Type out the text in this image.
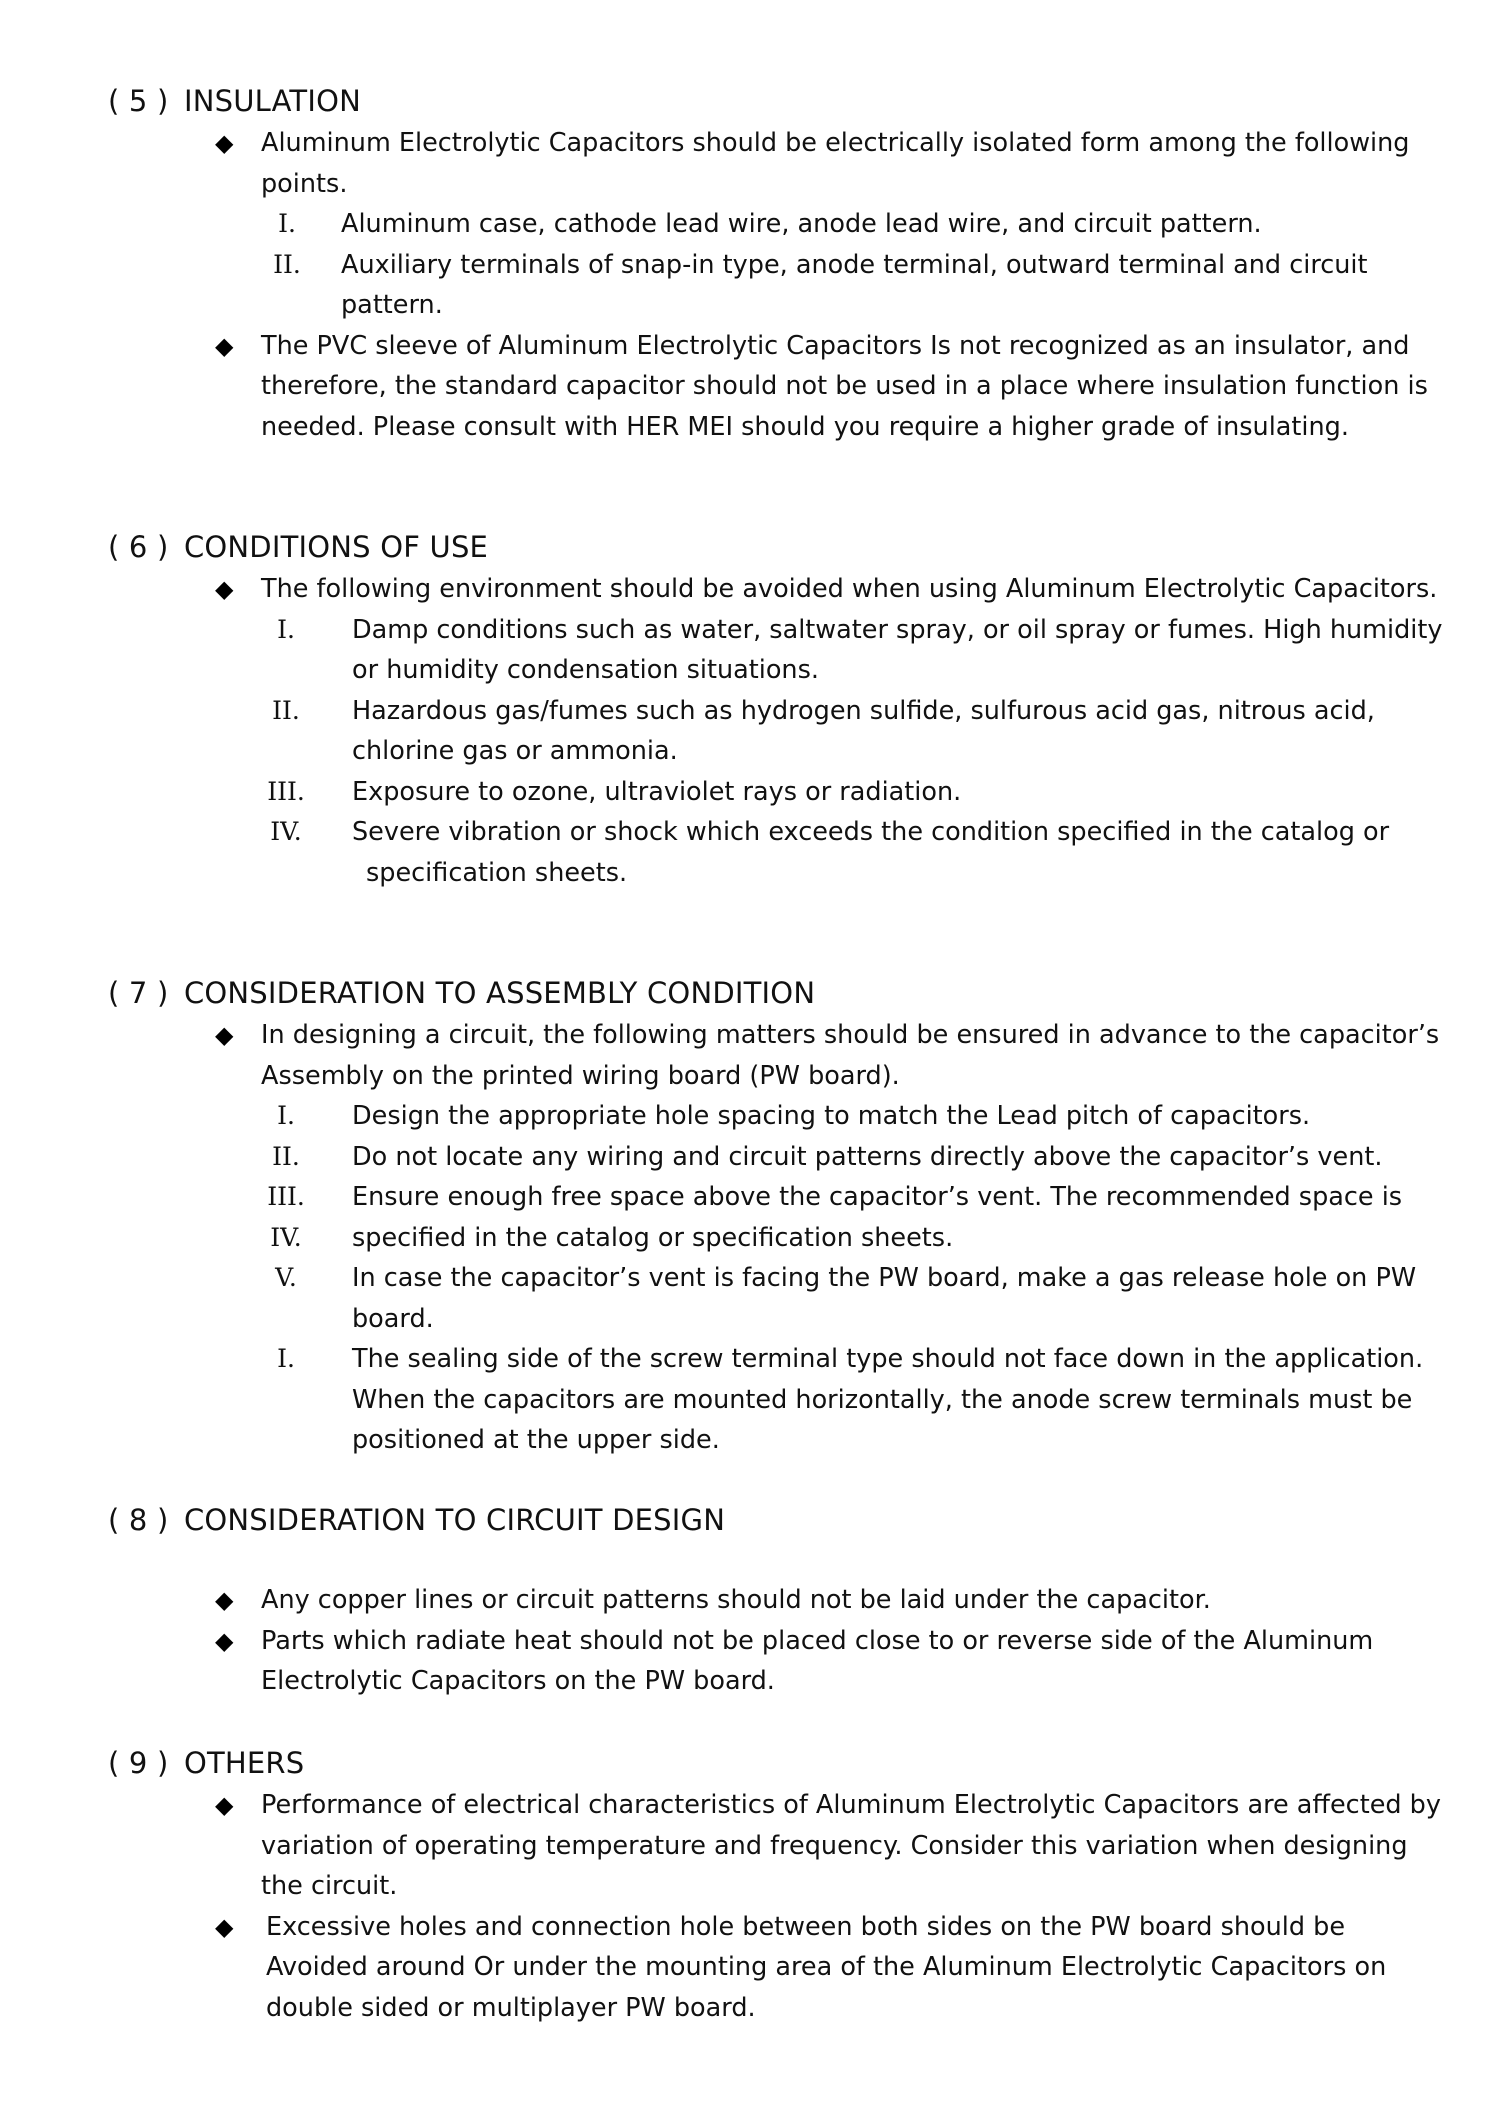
( 5 ) INSULATION
◆ Aluminum Electrolytic Capacitors should be electrically isolated form among the following points.
I.	Aluminum case, cathode lead wire, anode lead wire, and circuit pattern.
II.	Auxiliary terminals of snap-in type, anode terminal, outward terminal and circuit pattern.
◆ The PVC sleeve of Aluminum Electrolytic Capacitors Is not recognized as an insulator, and therefore, the standard capacitor should not be used in a place where insulation function is needed. Please consult with HER MEI should you require a higher grade of insulating.
( 6 ) CONDITIONS OF USE
◆ The following environment should be avoided when using Aluminum Electrolytic Capacitors.
I.	Damp conditions such as water, saltwater spray, or oil spray or fumes. High humidity or humidity condensation situations.
II.	Hazardous gas/fumes such as hydrogen sulfide, sulfurous acid gas, nitrous acid, chlorine gas or ammonia.
III.	Exposure to ozone, ultraviolet rays or radiation.
IV.	Severe vibration or shock which exceeds the condition specified in the catalog or
specification sheets.
( 7 ) CONSIDERATION TO ASSEMBLY CONDITION
◆ In designing a circuit, the following matters should be ensured in advance to the capacitor’s Assembly on the printed wiring board (PW board).
I.	Design the appropriate hole spacing to match the Lead pitch of capacitors.
II.	Do not locate any wiring and circuit patterns directly above the capacitor’s vent.
III.	Ensure enough free space above the capacitor’s vent. The recommended space is
IV.	specified in the catalog or specification sheets.
V.	In case the capacitor’s vent is facing the PW board, make a gas release hole on PW board.
I.	The sealing side of the screw terminal type should not face down in the application. When the capacitors are mounted horizontally, the anode screw terminals must be positioned at the upper side.
( 8 ) CONSIDERATION TO CIRCUIT DESIGN
◆ Any copper lines or circuit patterns should not be laid under the capacitor.
◆ Parts which radiate heat should not be placed close to or reverse side of the Aluminum Electrolytic Capacitors on the PW board.
( 9 ) OTHERS
◆ Performance of electrical characteristics of Aluminum Electrolytic Capacitors are affected by variation of operating temperature and frequency. Consider this variation when designing the circuit.
◆ Excessive holes and connection hole between both sides on the PW board should be Avoided around Or under the mounting area of the Aluminum Electrolytic Capacitors on double sided or multiplayer PW board.
